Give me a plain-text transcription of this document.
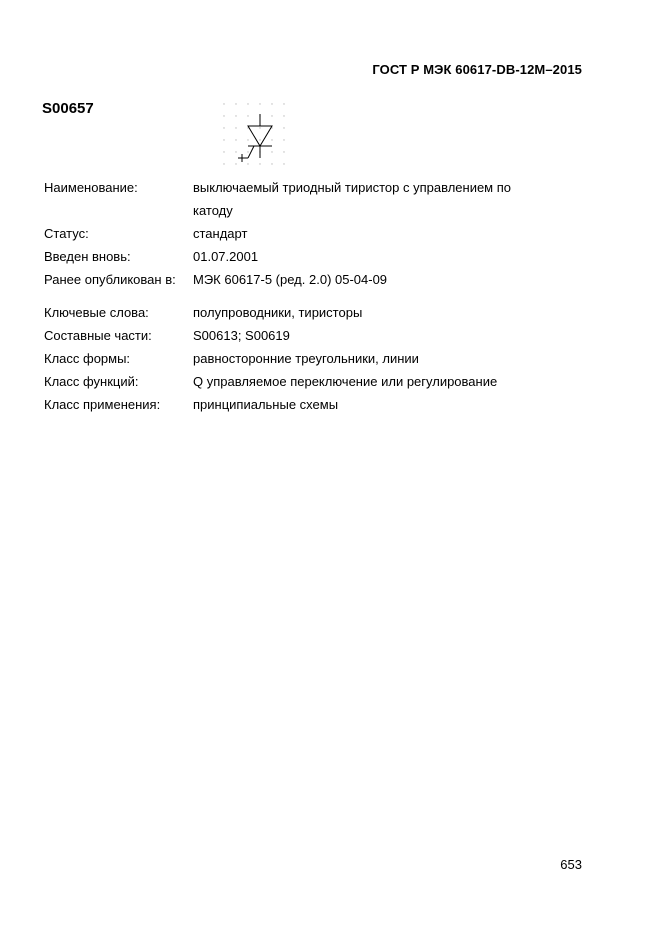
ГОСТ Р МЭК 60617-DB-12M–2015
S00657
Наименование:	выключаемый триодный тиристор с управлением по катоду
Статус:	стандарт
Введен вновь:	01.07.2001
Ранее опубликован в: МЭК 60617-5 (ред. 2.0) 05-04-09
Ключевые слова:	полупроводники, тиристоры
Составные части:	S00613; S00619
Класс формы:	равносторонние треугольники, линии
Класс функций:	Q управляемое переключение или регулирование
Класс применения:	принципиальные схемы
653
